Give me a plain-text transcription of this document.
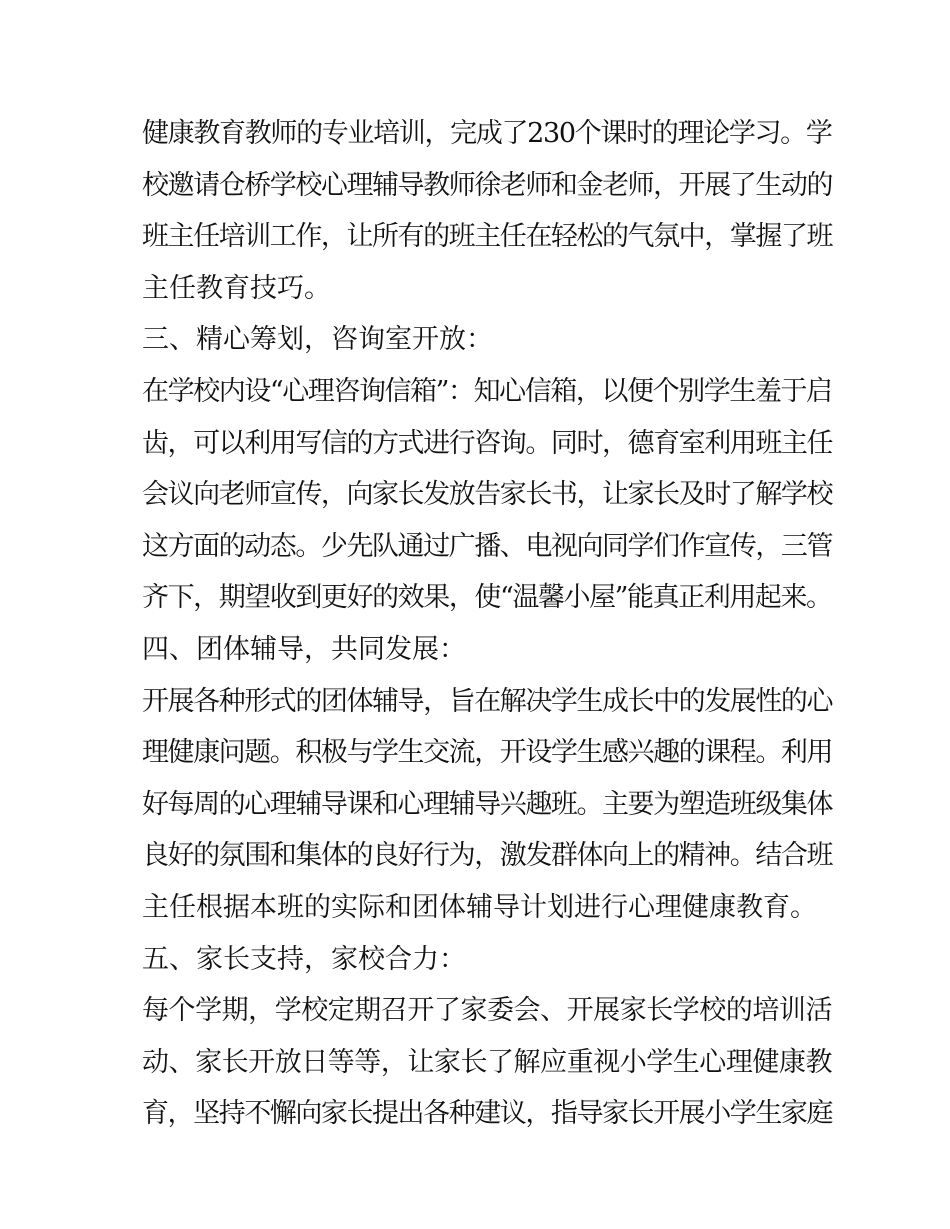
健康教育教师的专业培训，完成了230个课时的理论学习。学
校邀请仓桥学校心理辅导教师徐老师和金老师，开展了生动的
班主任培训工作，让所有的班主任在轻松的气氛中，掌握了班
主任教育技巧。
三、精心筹划，咨询室开放：
在学校内设“心理咨询信箱”：知心信箱，以便个别学生羞于启
齿，可以利用写信的方式进行咨询。同时，德育室利用班主任
会议向老师宣传，向家长发放告家长书，让家长及时了解学校
这方面的动态。少先队通过广播、电视向同学们作宣传，三管
齐下，期望收到更好的效果，使“温馨小屋”能真正利用起来。
四、团体辅导，共同发展：
开展各种形式的团体辅导，旨在解决学生成长中的发展性的心
理健康问题。积极与学生交流，开设学生感兴趣的课程。利用
好每周的心理辅导课和心理辅导兴趣班。主要为塑造班级集体
良好的氛围和集体的良好行为，激发群体向上的精神。结合班
主任根据本班的实际和团体辅导计划进行心理健康教育。
五、家长支持，家校合力：
每个学期，学校定期召开了家委会、开展家长学校的培训活
动、家长开放日等等，让家长了解应重视小学生心理健康教
育，坚持不懈向家长提出各种建议，指导家长开展小学生家庭
